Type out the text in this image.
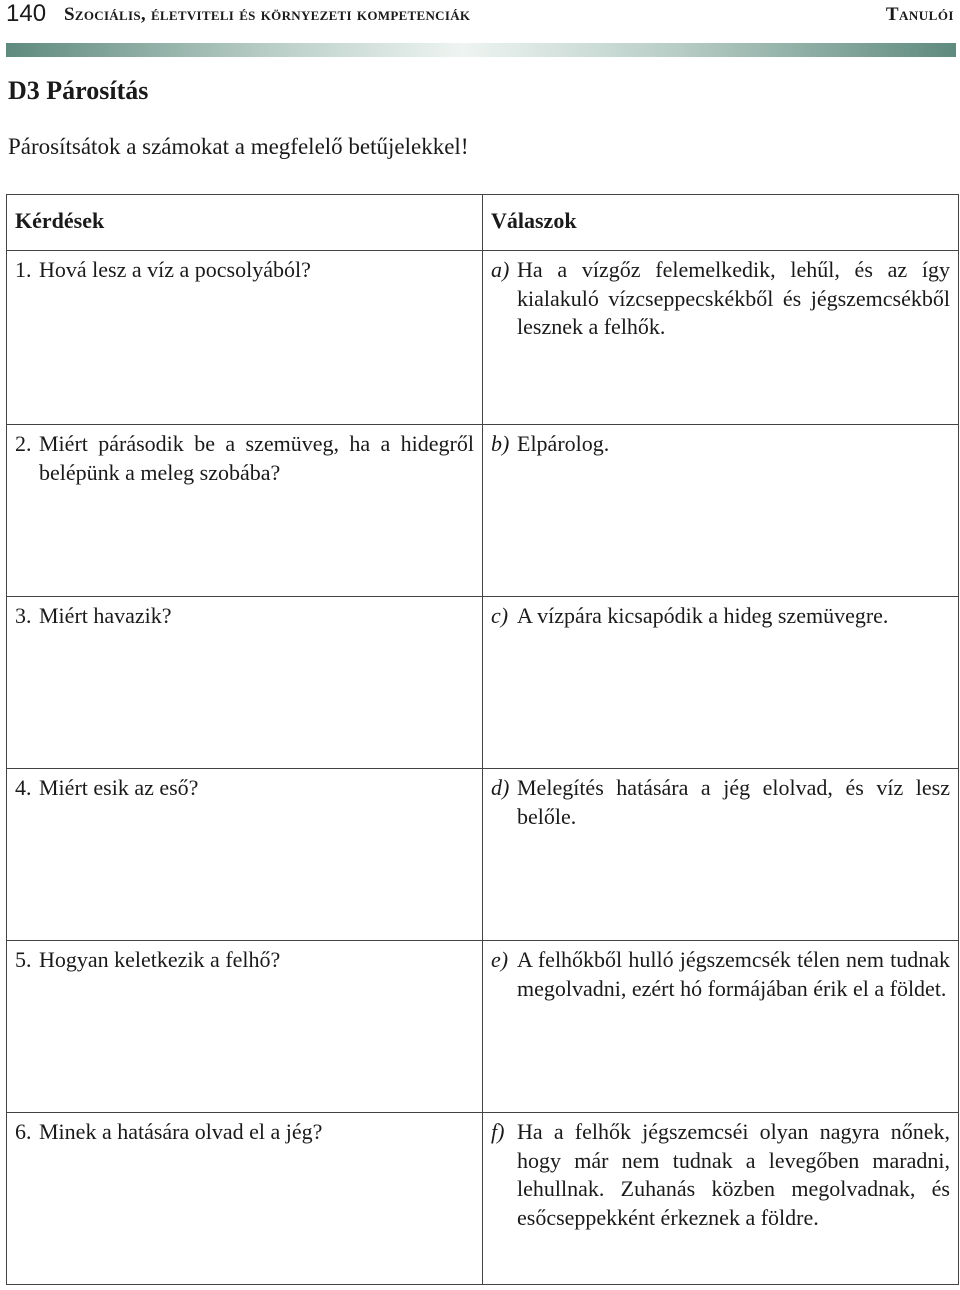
140 Szociális, életviteli és környezeti kompetenciák	Tanulói
D3 Párosítás
Párosítsátok a számokat a megfelelő betűjelekkel!
Kérdések	Válaszok

1. Hová lesz a víz a pocsolyából?	a) Ha a vízgőz felemelkedik, lehűl, és az így kialakuló vízcseppecskékből és jégszemcsékből lesznek a felhők.

2. Miért párásodik be a szemüveg, ha a hidegről belépünk a meleg szobába?	b) Elpárolog.

3. Miért havazik?	c) A vízpára kicsapódik a hideg szemüvegre.

4. Miért esik az eső?	d) Melegítés hatására a jég elolvad, és víz lesz belőle.

5. Hogyan keletkezik a felhő?	e) A felhőkből hulló jégszemcsék télen nem tudnak megolvadni, ezért hó formájában érik el a földet.

6. Minek a hatására olvad el a jég?	f) Ha a felhők jégszemcséi olyan nagyra nőnek, hogy már nem tudnak a levegőben maradni, lehullnak. Zuhanás közben megolvadnak, és esőcseppekként érkeznek a földre.
